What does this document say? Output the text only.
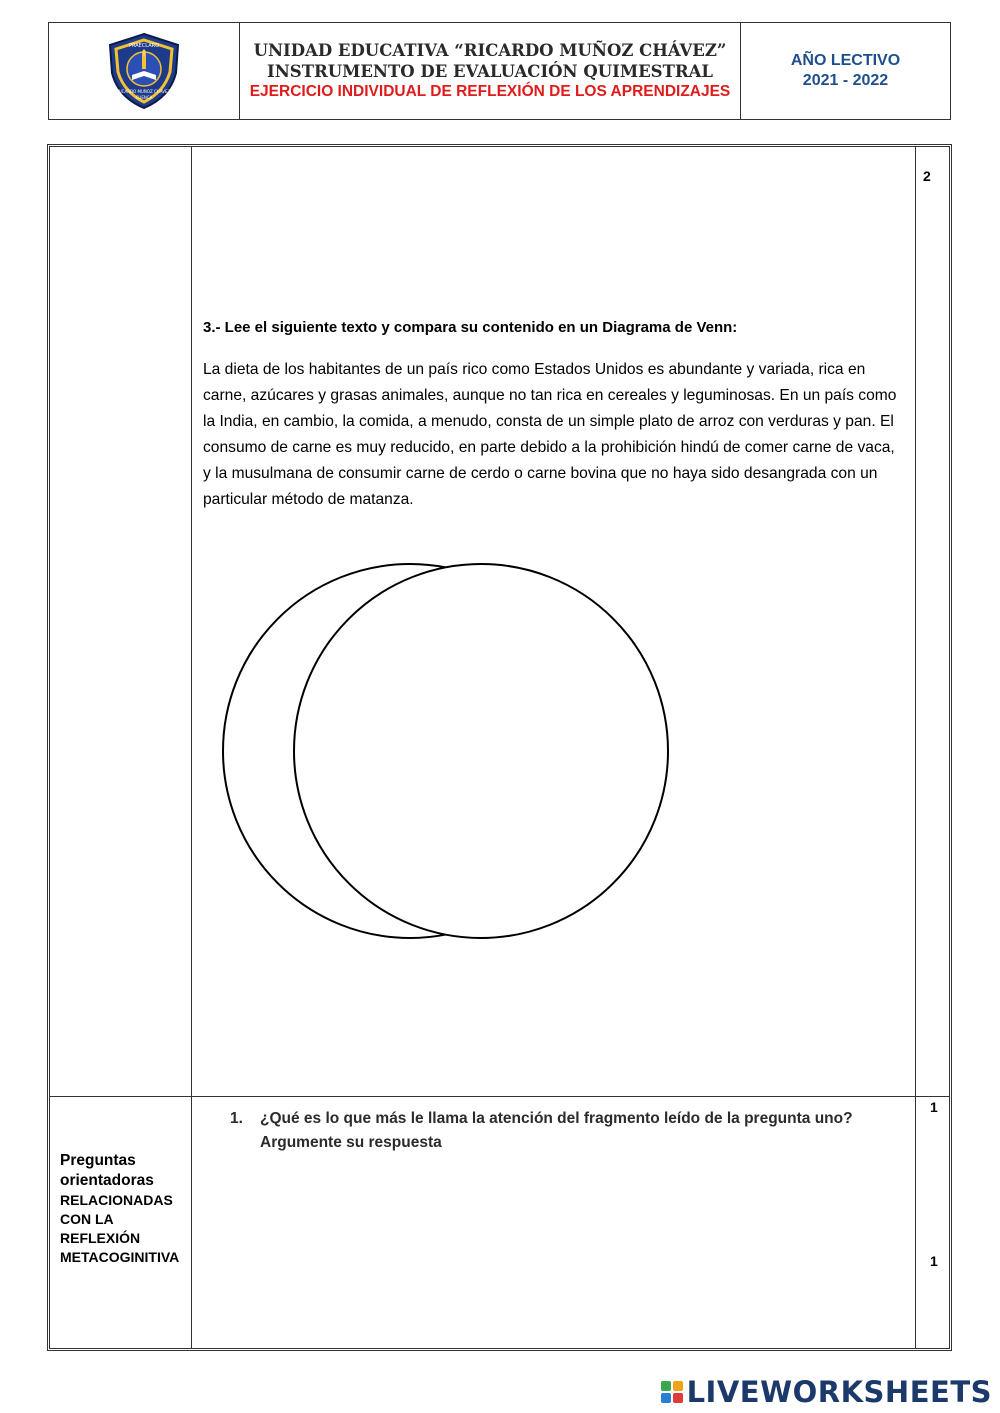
PRAECLARO
RICARDO MUÑOZ CHÁVEZ
CUENCA
UNIDAD EDUCATIVA “RICARDO MUÑOZ CHÁVEZ”
INSTRUMENTO DE EVALUACIÓN QUIMESTRAL
EJERCICIO INDIVIDUAL DE REFLEXIÓN DE LOS APRENDIZAJES
AÑO LECTIVO
2021 - 2022
2
3.- Lee el siguiente texto y compara su contenido en un Diagrama de Venn:

La dieta de los habitantes de un país rico como Estados Unidos es abundante y variada, rica en carne, azúcares y grasas animales, aunque no tan rica en cereales y leguminosas. En un país como la India, en cambio, la comida, a menudo, consta de un simple plato de arroz con verduras y pan. El consumo de carne es muy reducido, en parte debido a la prohibición hindú de comer carne de vaca, y la musulmana de consumir carne de cerdo o carne bovina que no haya sido desangrada con un particular método de matanza.

1
1
1.	¿Qué es lo que más le llama la atención del fragmento leído de la pregunta uno? Argumente su respuesta
Preguntas orientadoras
RELACIONADAS CON LA REFLEXIÓN METACOGINITIVA
LIVEWORKSHEETS
